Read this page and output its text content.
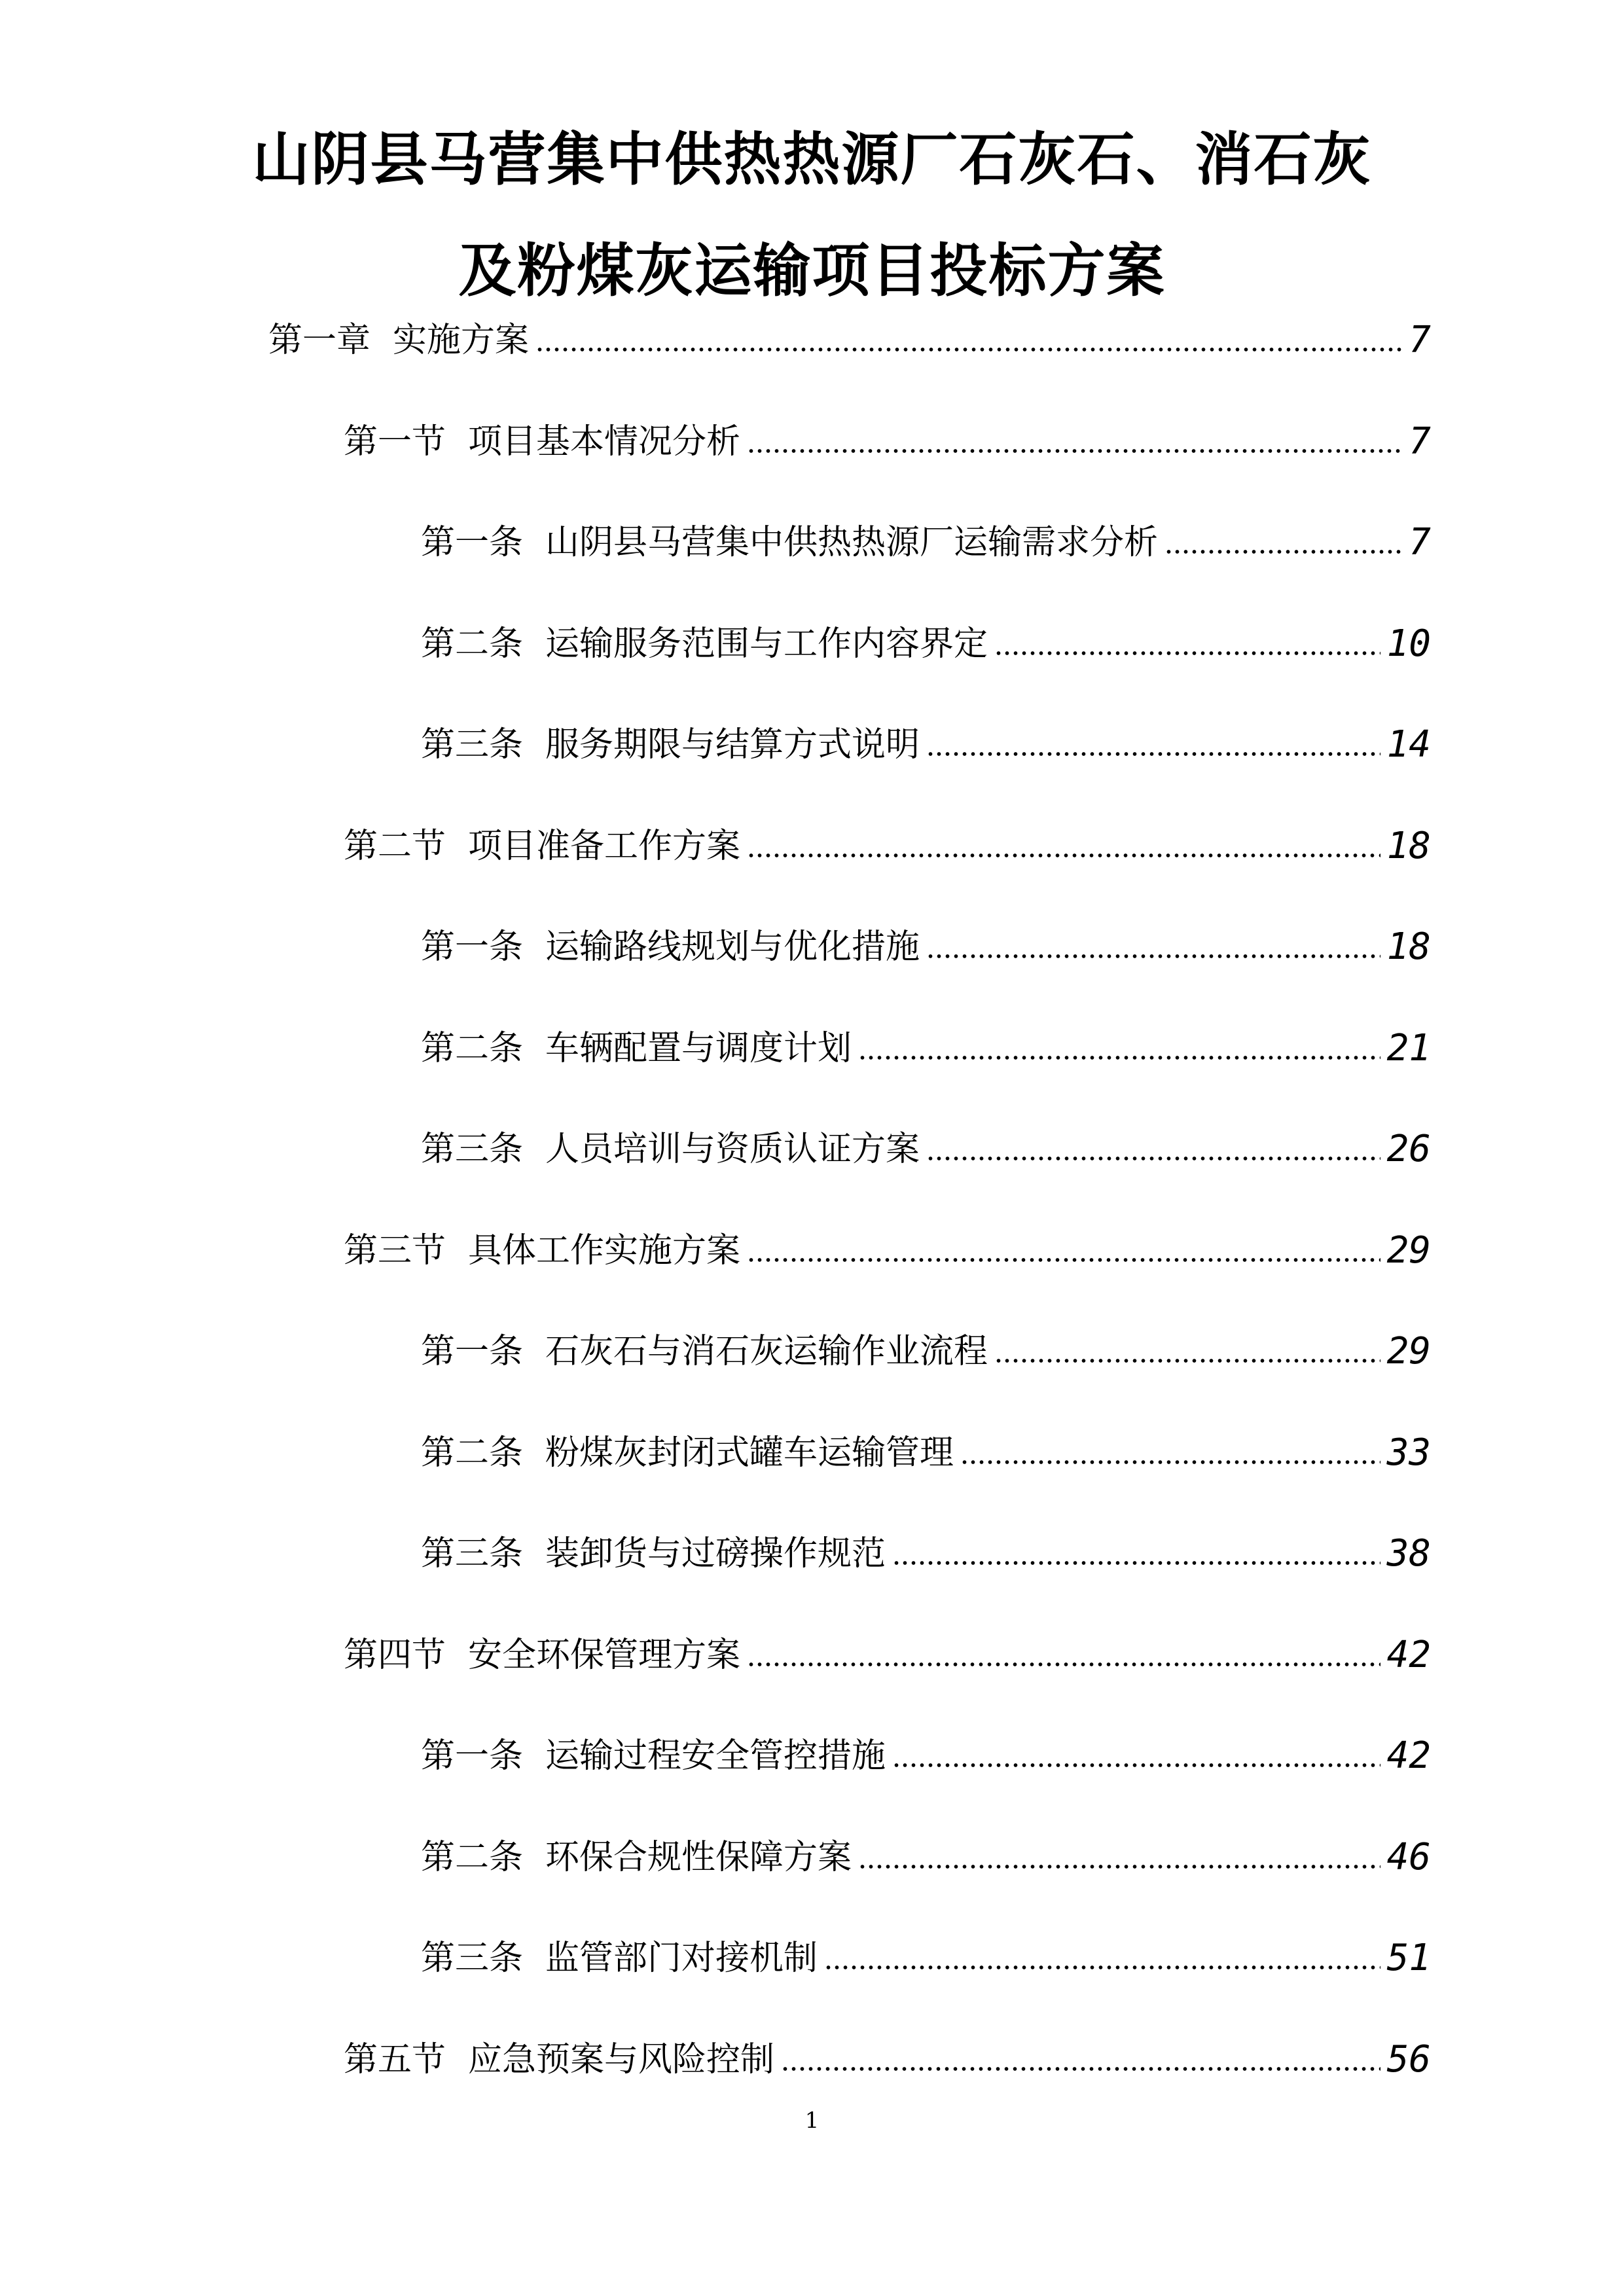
山阴县马营集中供热热源厂石灰石、消石灰
及粉煤灰运输项目投标方案
第一章 实施方案	7
第一节 项目基本情况分析	7
第一条 山阴县马营集中供热热源厂运输需求分析	7
第二条 运输服务范围与工作内容界定	10
第三条 服务期限与结算方式说明	14
第二节 项目准备工作方案	18
第一条 运输路线规划与优化措施	18
第二条 车辆配置与调度计划	21
第三条 人员培训与资质认证方案	26
第三节 具体工作实施方案	29
第一条 石灰石与消石灰运输作业流程	29
第二条 粉煤灰封闭式罐车运输管理	33
第三条 装卸货与过磅操作规范	38
第四节 安全环保管理方案	42
第一条 运输过程安全管控措施	42
第二条 环保合规性保障方案	46
第三条 监管部门对接机制	51
第五节 应急预案与风险控制	56
1
